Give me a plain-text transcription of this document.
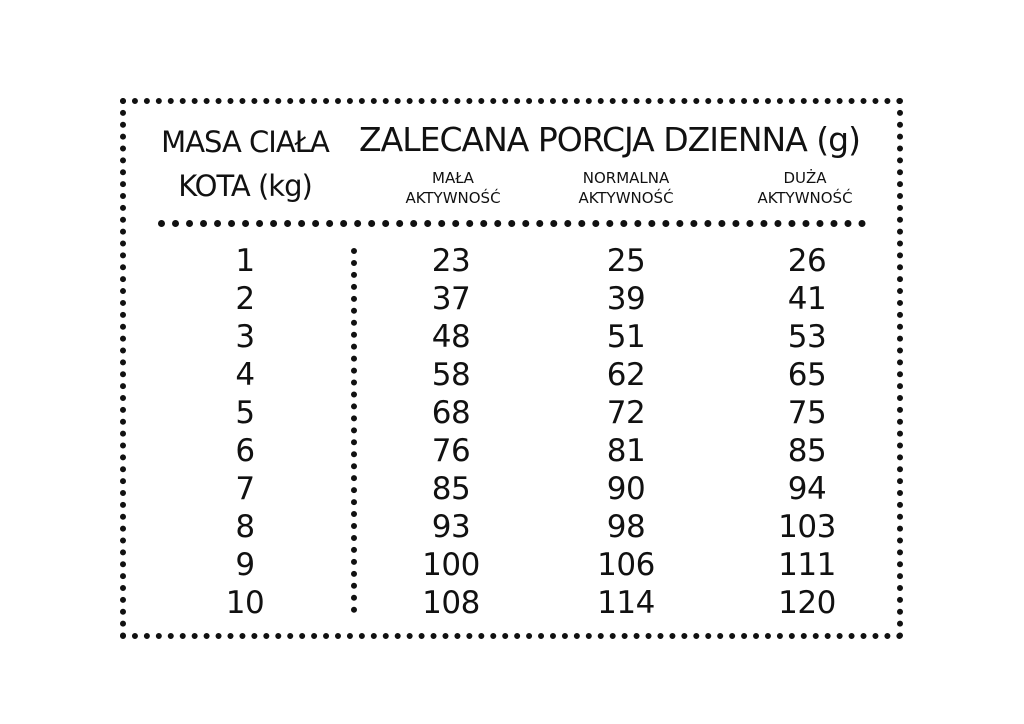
MASA CIAŁA KOTA (kg)
ZALECANA PORCJA DZIENNA (g)
MAŁA
AKTYWNOŚĆ
NORMALNA
AKTYWNOŚĆ
DUŻA
AKTYWNOŚĆ
1
2
3
4
5
6
7
8
9
10
23
37
48
58
68
76
85
93
100
108
25
39
51
62
72
81
90
98
106
114
26
41
53
65
75
85
94
103
111
120
